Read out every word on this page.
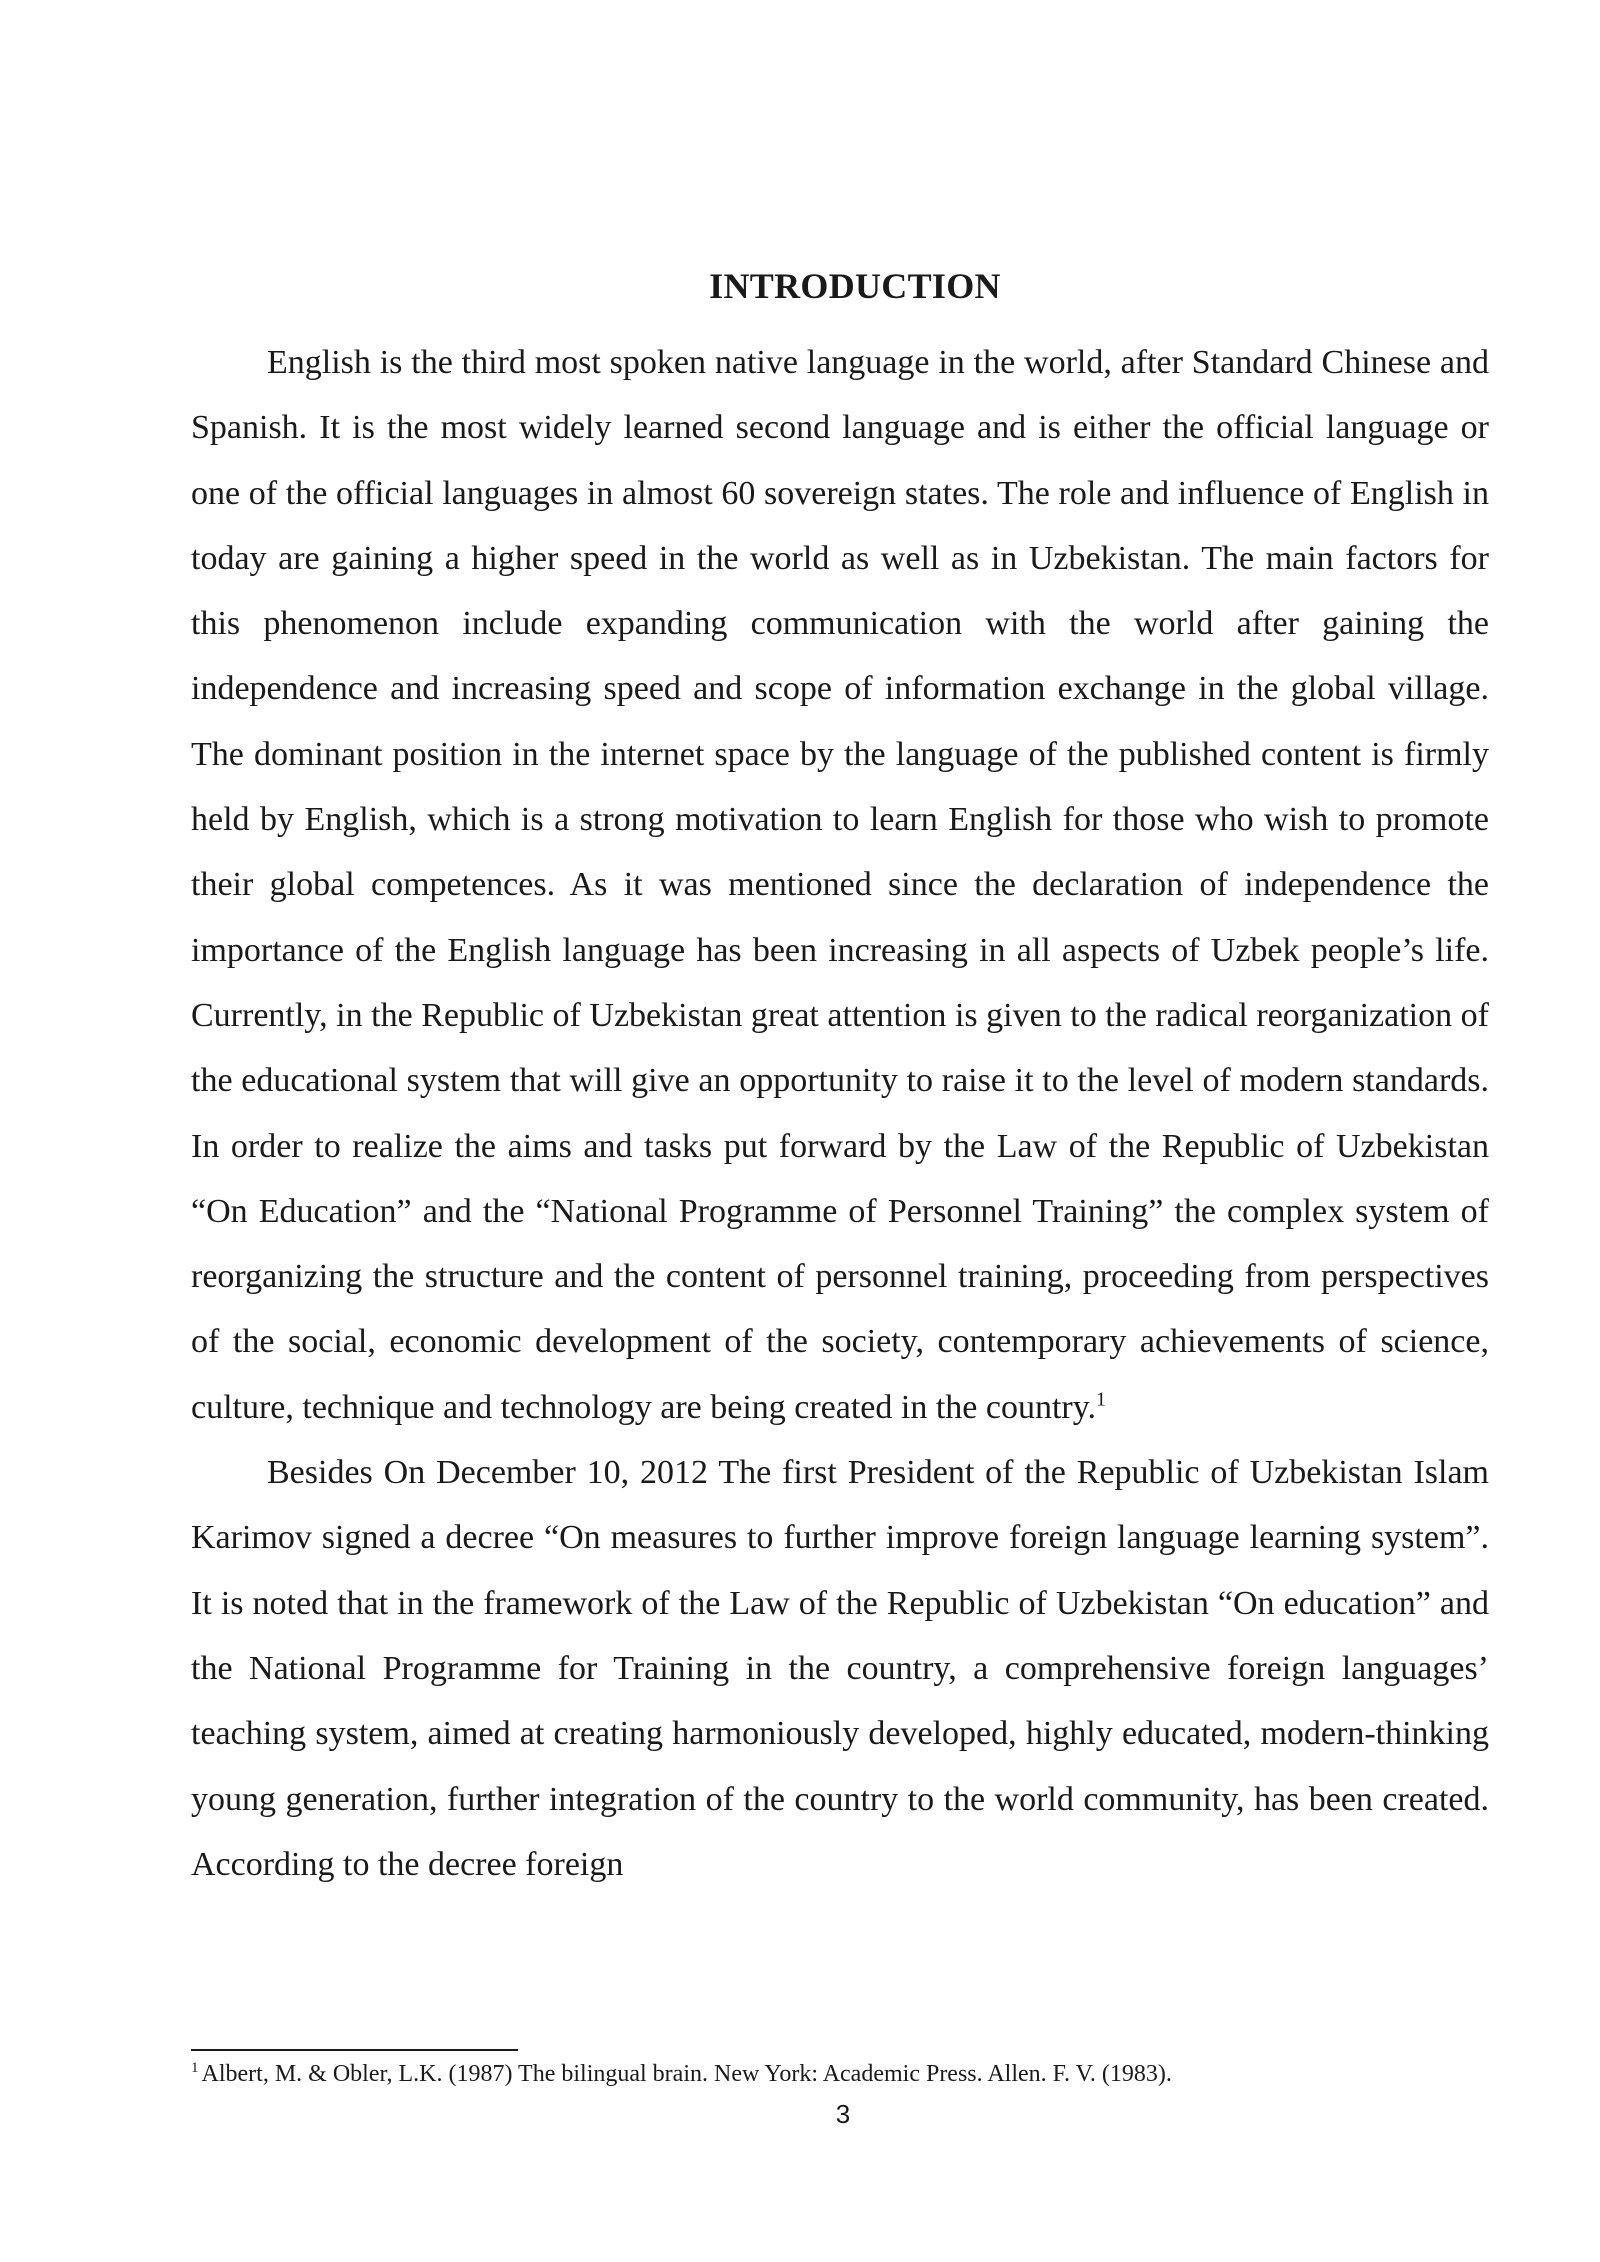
INTRODUCTION

English is the third most spoken native language in the world, after Standard Chinese and Spanish. It is the most widely learned second language and is either the official language or one of the official languages in almost 60 sovereign states. The role and influence of English in today are gaining a higher speed in the world as well as in Uzbekistan. The main factors for this phenomenon include expanding communication with the world after gaining the independence and increasing speed and scope of information exchange in the global village. The dominant position in the internet space by the language of the published content is firmly held by English, which is a strong motivation to learn English for those who wish to promote their global competences. As it was mentioned since the declaration of independence the importance of the English language has been increasing in all aspects of Uzbek people’s life. Currently, in the Republic of Uzbekistan great attention is given to the radical reorganization of the educational system that will give an opportunity to raise it to the level of modern standards. In order to realize the aims and tasks put forward by the Law of the Republic of Uzbekistan “On Education” and the “National Programme of Personnel Training” the complex system of reorganizing the structure and the content of personnel training, proceeding from perspectives of the social, economic development of the society, contemporary achievements of science, culture, technique and technology are being created in the country.$^1$

Besides On December 10, 2012 The first President of the Republic of Uzbekistan Islam Karimov signed a decree “On measures to further improve foreign language learning system”. It is noted that in the framework of the Law of the Republic of Uzbekistan “On education” and the National Programme for Training in the country, a comprehensive foreign languages’ teaching system, aimed at creating harmoniously developed, highly educated, modern-thinking young generation, further integration of the country to the world community, has been created. According to the decree foreign

$^1$ Albert, M. & Obler, L.K. (1987) The bilingual brain. New York: Academic Press. Allen. F. V. (1983).
3
